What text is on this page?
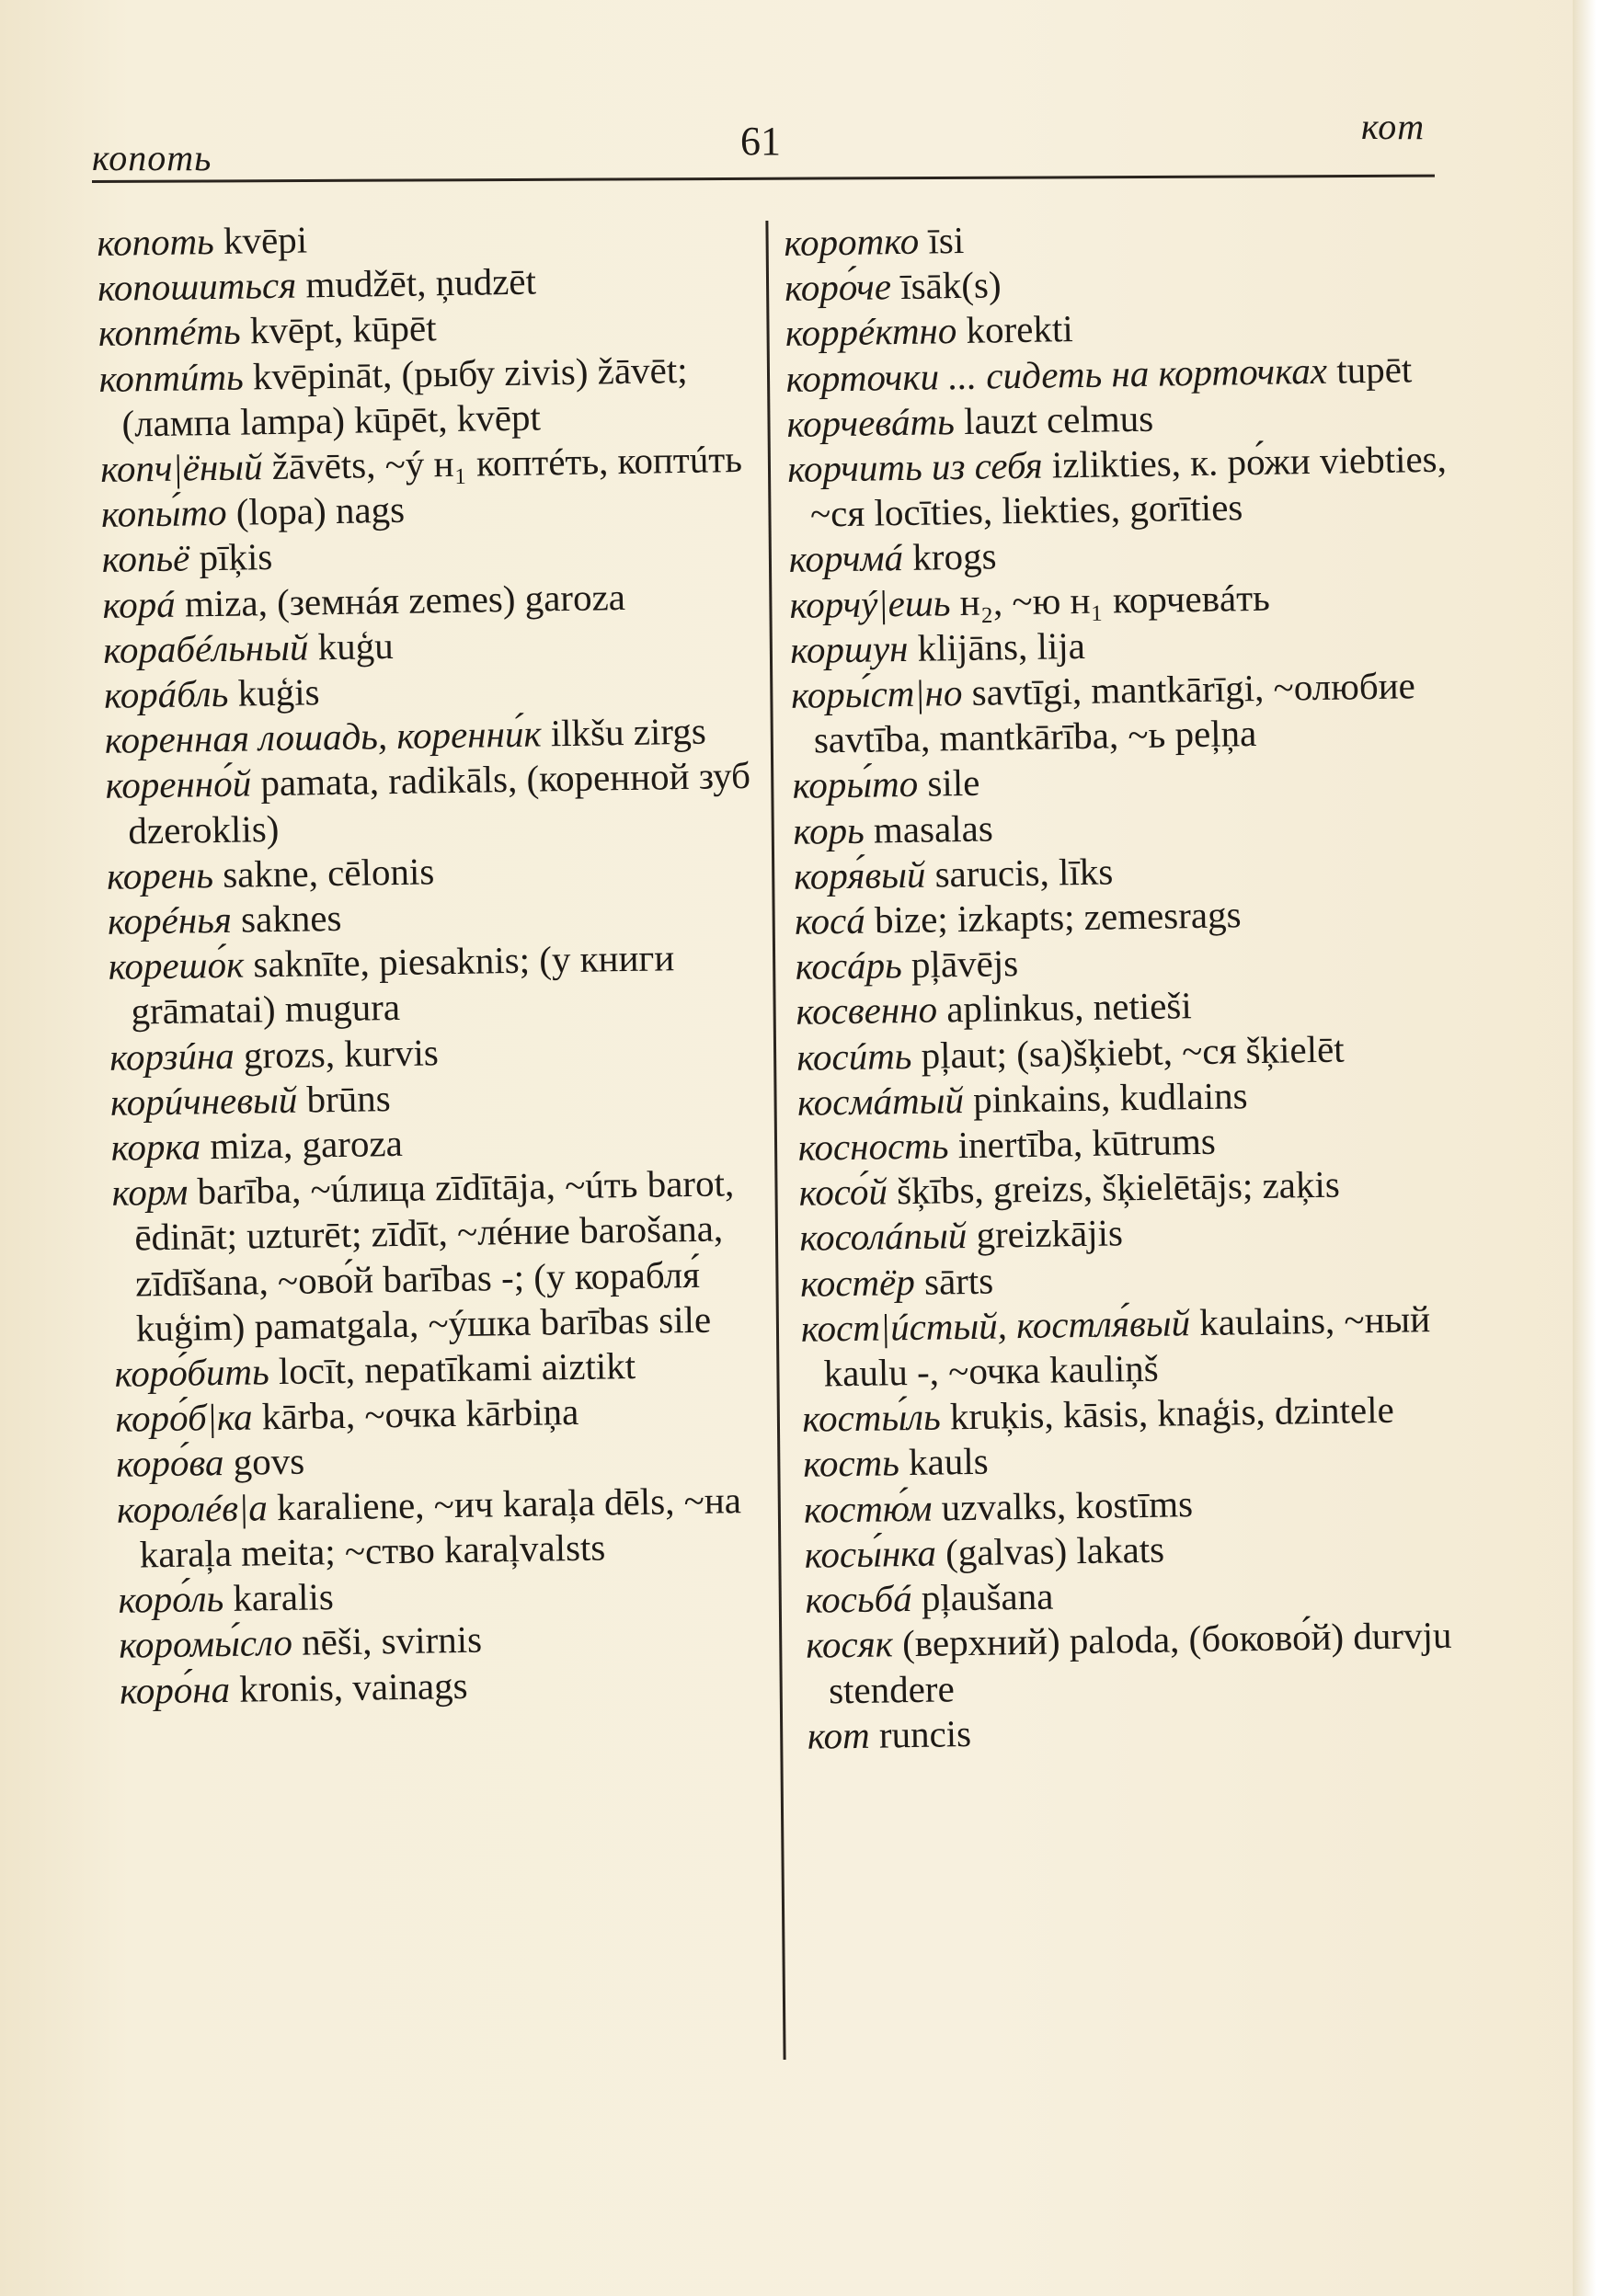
копоть	61	кот

копоть kvēpi

копошиться mudžēt, ņudzēt

коптéть kvēpt, kūpēt

коптúть kvēpināt, (рыбу zivis) žāvēt; (лампа lampa) kūpēt, kvēpt

копч|ёный žāvēts, ~ý н₁ коптéть, коптúть

копы́то (lopa) nags

копьё pīķis

корá miza, (земнáя zemes) garoza

корабéльный kuģu

корáбль kuģis

коренная лошадь, коренни́к ilkšu zirgs

коренно́й pamata, radikāls, (коренной зуб dzeroklis)

корень sakne, cēlonis

корéнья saknes

корешо́к saknīte, piesaknis; (у книги grāmatai) mugura

корзúна grozs, kurvis

корúчневый brūns

корка miza, garoza

корм barība, ~úлица zīdītāja, ~úть barot, ēdināt; uzturēt; zīdīt, ~лéние barošana, zīdīšana, ~ово́й barības -; (у корабля́ kuģim) pamatgala, ~ýшка barības sile

коро́бить locīt, nepatīkami aiztikt

коро́б|ка kārba, ~очка kārbiņa

коро́ва govs

королéв|а karaliene, ~ич karaļa dēls, ~на karaļa meita; ~ство karaļvalsts

коро́ль karalis

коромы́сло nēši, svirnis

коро́на kronis, vainags

коротко īsi

коро́че īsāk(s)

коррéктно korekti

корточки ... сидеть на корточках tupēt

корчевáть lauzt celmus

корчить из себя izlikties, к. ро́жи viebties, ~ся locīties, liekties, gorīties

корчмá krogs

корчý|ешь н₂, ~ю н₁ корчевáть

коршун klijāns, lija

коры́ст|но savtīgi, mantkārīgi, ~олюбие savtība, mantkārība, ~ь peļņa

коры́то sile

корь masalas

коря́вый sarucis, līks

косá bize; izkapts; zemesrags

косáрь pļāvējs

косвенно aplinkus, netieši

косúть pļaut; (sa)šķiebt, ~ся šķielēt

космáтый pinkains, kudlains

косность inertība, kūtrums

косо́й šķībs, greizs, šķielētājs; zaķis

косолáпый greizkājis

костёр sārts

кост|úстый, костля́вый kaulains, ~ный kaulu -, ~очка kauliņš

косты́ль kruķis, kāsis, knaģis, dzintele

кость kauls

костю́м uzvalks, kostīms

косы́нка (galvas) lakats

косьбá pļaušana

косяк (верхний) paloda, (боково́й) durvju stendere

кот runcis
